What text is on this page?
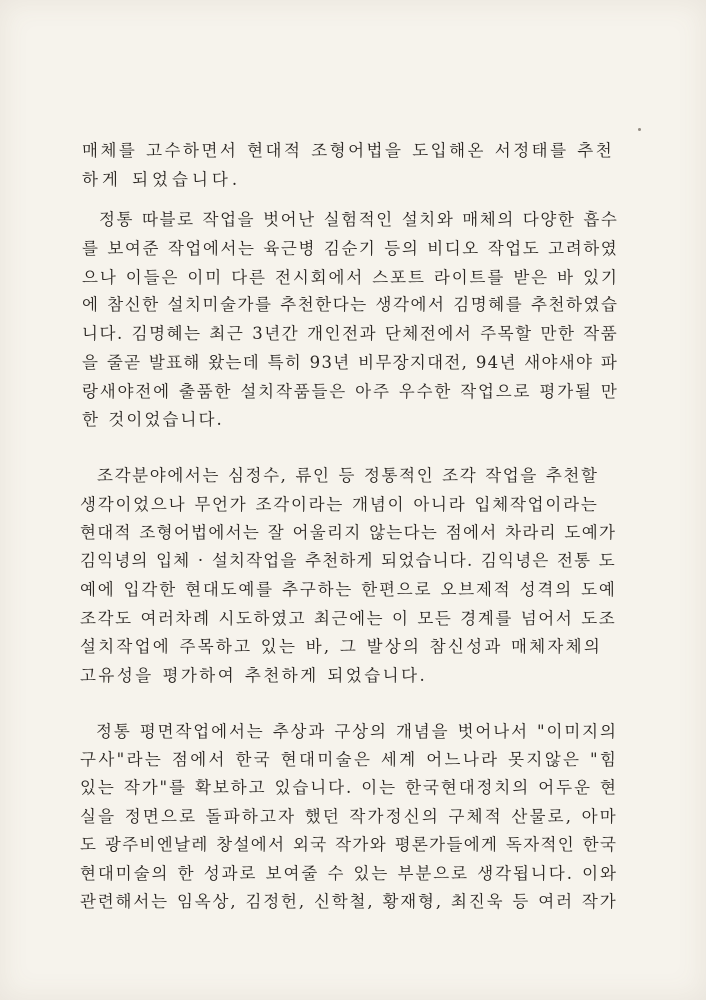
매체를 고수하면서 현대적 조형어법을 도입해온 서정태를 추천
하게 되었습니다.
정통 따블로 작업을 벗어난 실험적인 설치와 매체의 다양한 흡수
를 보여준 작업에서는 육근병 김순기 등의 비디오 작업도 고려하였
으나 이들은 이미 다른 전시회에서 스포트 라이트를 받은 바 있기
에 참신한 설치미술가를 추천한다는 생각에서 김명혜를 추천하였습
니다. 김명혜는 최근 3년간 개인전과 단체전에서 주목할 만한 작품
을 줄곧 발표해 왔는데 특히 93년 비무장지대전, 94년 새야새야 파
랑새야전에 출품한 설치작품들은 아주 우수한 작업으로 평가될 만
한 것이었습니다.
조각분야에서는 심정수, 류인 등 정통적인 조각 작업을 추천할
생각이었으나 무언가 조각이라는 개념이 아니라 입체작업이라는
현대적 조형어법에서는 잘 어울리지 않는다는 점에서 차라리 도예가
김익녕의 입체 · 설치작업을 추천하게 되었습니다. 김익녕은 전통 도
예에 입각한 현대도예를 추구하는 한편으로 오브제적 성격의 도예
조각도 여러차례 시도하였고 최근에는 이 모든 경계를 넘어서 도조
설치작업에 주목하고 있는 바, 그 발상의 참신성과 매체자체의
고유성을 평가하여 추천하게 되었습니다.
정통 평면작업에서는 추상과 구상의 개념을 벗어나서 "이미지의
구사"라는 점에서 한국 현대미술은 세계 어느나라 못지않은 "힘
있는 작가"를 확보하고 있습니다. 이는 한국현대정치의 어두운 현
실을 정면으로 돌파하고자 했던 작가정신의 구체적 산물로, 아마
도 광주비엔날레 창설에서 외국 작가와 평론가들에게 독자적인 한국
현대미술의 한 성과로 보여줄 수 있는 부분으로 생각됩니다. 이와
관련해서는 임옥상, 김정헌, 신학철, 황재형, 최진욱 등 여러 작가
